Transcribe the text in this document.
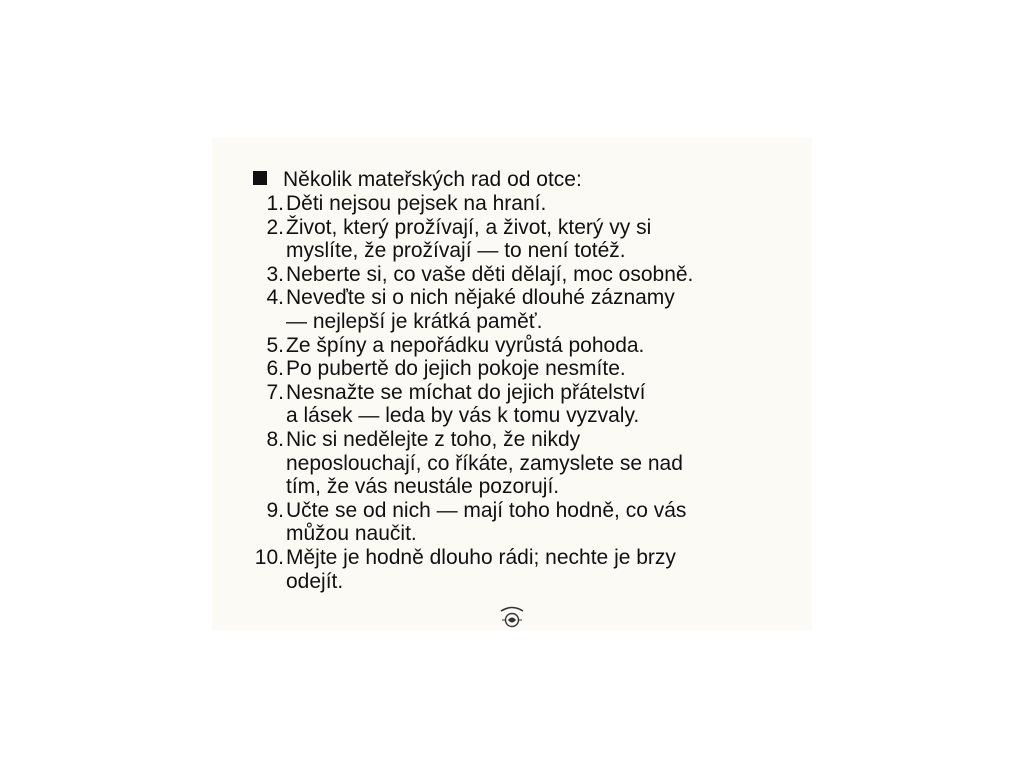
Několik mateřských rad od otce:
1. Děti nejsou pejsek na hraní.
2. Život, který prožívají, a život, který vy si
myslíte, že prožívají — to není totéž.
3. Neberte si, co vaše děti dělají, moc osobně.
4. Neveďte si o nich nějaké dlouhé záznamy
— nejlepší je krátká paměť.
5. Ze špíny a nepořádku vyrůstá pohoda.
6. Po pubertě do jejich pokoje nesmíte.
7. Nesnažte se míchat do jejich přátelství
a lásek — leda by vás k tomu vyzvaly.
8. Nic si nedělejte z toho, že nikdy
neposlouchají, co říkáte, zamyslete se nad
tím, že vás neustále pozorují.
9. Učte se od nich — mají toho hodně, co vás
můžou naučit.
10. Mějte je hodně dlouho rádi; nechte je brzy
odejít.
